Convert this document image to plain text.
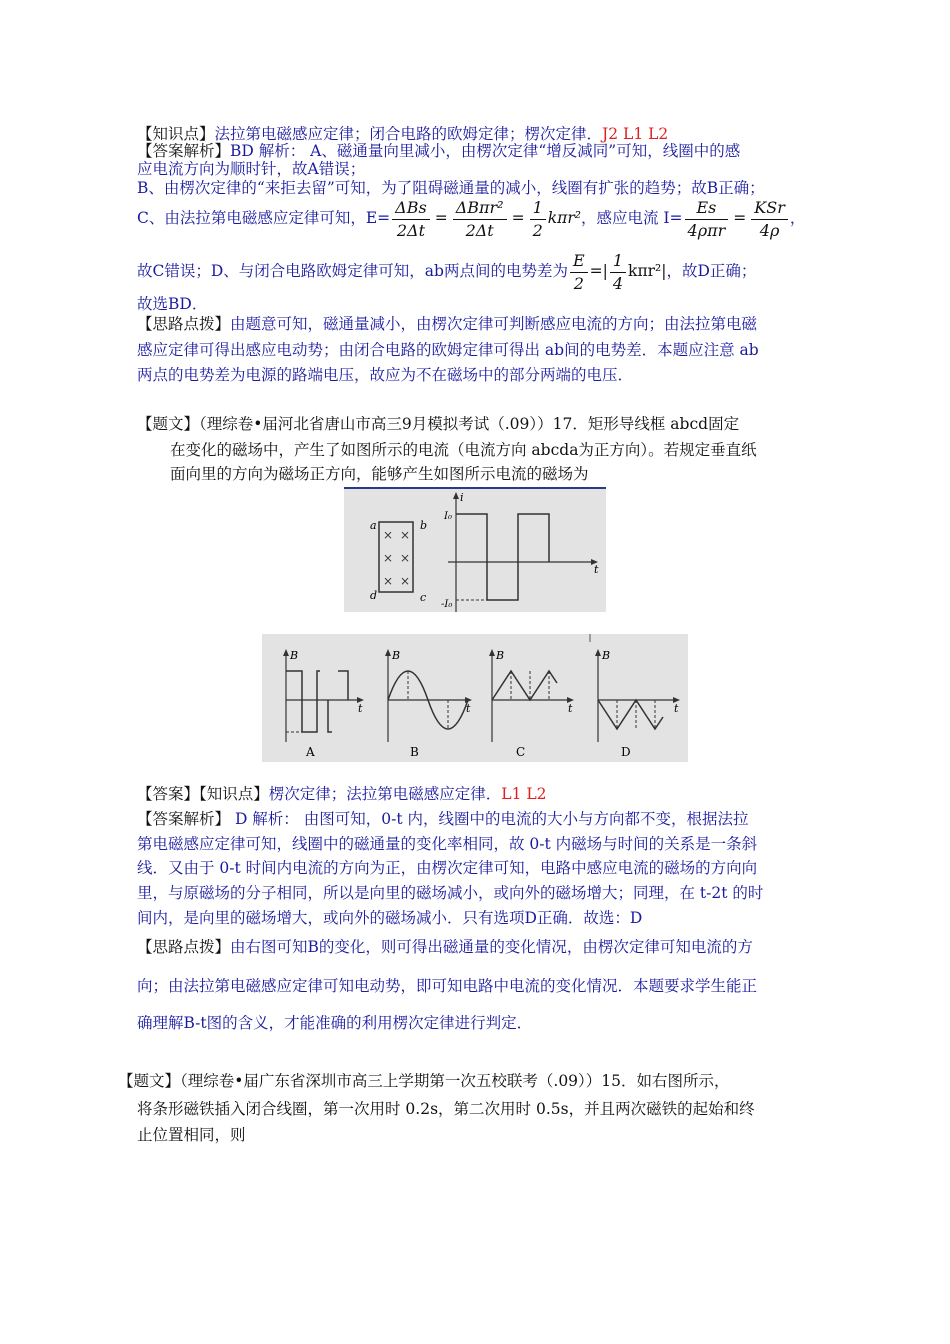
【知识点】法拉第电磁感应定律；闭合电路的欧姆定律；楞次定律．J2 L1 L2
【答案解析】BD 解析： A、磁通量向里减小，由楞次定律“增反减同”可知，线圈中的感
应电流方向为顺时针，故A错误；
B、由楞次定律的“来拒去留”可知，为了阻碍磁通量的减小，线圈有扩张的趋势；故B正确；
C、由法拉第电磁感应定律可知，E=
ΔBs
2Δt
=
ΔBπr²
2Δt
= $\frac{1}{2} k\pi r^2$，感应电流 I=
Es
4ρπr
=
KSr
4ρ
，
故C错误；D、与闭合电路欧姆定律可知，ab两点间的电势差为 $\frac{E}{2}$ =| $\frac{1}{4} k\pi r^2|$，故D正确；
故选BD．
【思路点拨】由题意可知，磁通量减小，由楞次定律可判断感应电流的方向；由法拉第电磁
感应定律可得出感应电动势；由闭合电路的欧姆定律可得出 ab间的电势差．本题应注意 ab
两点的电势差为电源的路端电压，故应为不在磁场中的部分两端的电压．
【题文】（理综卷•届河北省唐山市高三9月模拟考试（.09））17．矩形导线框 abcd固定
在变化的磁场中，产生了如图所示的电流（电流方向 abcda为正方向）。若规定垂直纸
面向里的方向为磁场正方向，能够产生如图所示电流的磁场为
a	b
d	c
× ×
× ×
× ×
i
I₀
-I₀
t
B
t
A
B
t
B
B
t
C
B
t
D
【答案】【知识点】楞次定律；法拉第电磁感应定律．L1 L2
【答案解析】 D 解析： 由图可知，0-t 内，线圈中的电流的大小与方向都不变，根据法拉
第电磁感应定律可知，线圈中的磁通量的变化率相同，故 0-t 内磁场与时间的关系是一条斜
线．又由于 0-t 时间内电流的方向为正，由楞次定律可知，电路中感应电流的磁场的方向向
里，与原磁场的分子相同，所以是向里的磁场减小，或向外的磁场增大；同理，在 t-2t 的时
间内，是向里的磁场增大，或向外的磁场减小．只有选项D正确．故选：D
【思路点拨】由右图可知B的变化，则可得出磁通量的变化情况，由楞次定律可知电流的方
向；由法拉第电磁感应定律可知电动势，即可知电路中电流的变化情况．本题要求学生能正
确理解B-t图的含义，才能准确的利用楞次定律进行判定．
【题文】（理综卷•届广东省深圳市高三上学期第一次五校联考（.09））15．如右图所示，
将条形磁铁插入闭合线圈，第一次用时 0.2s，第二次用时 0.5s，并且两次磁铁的起始和终
止位置相同，则
